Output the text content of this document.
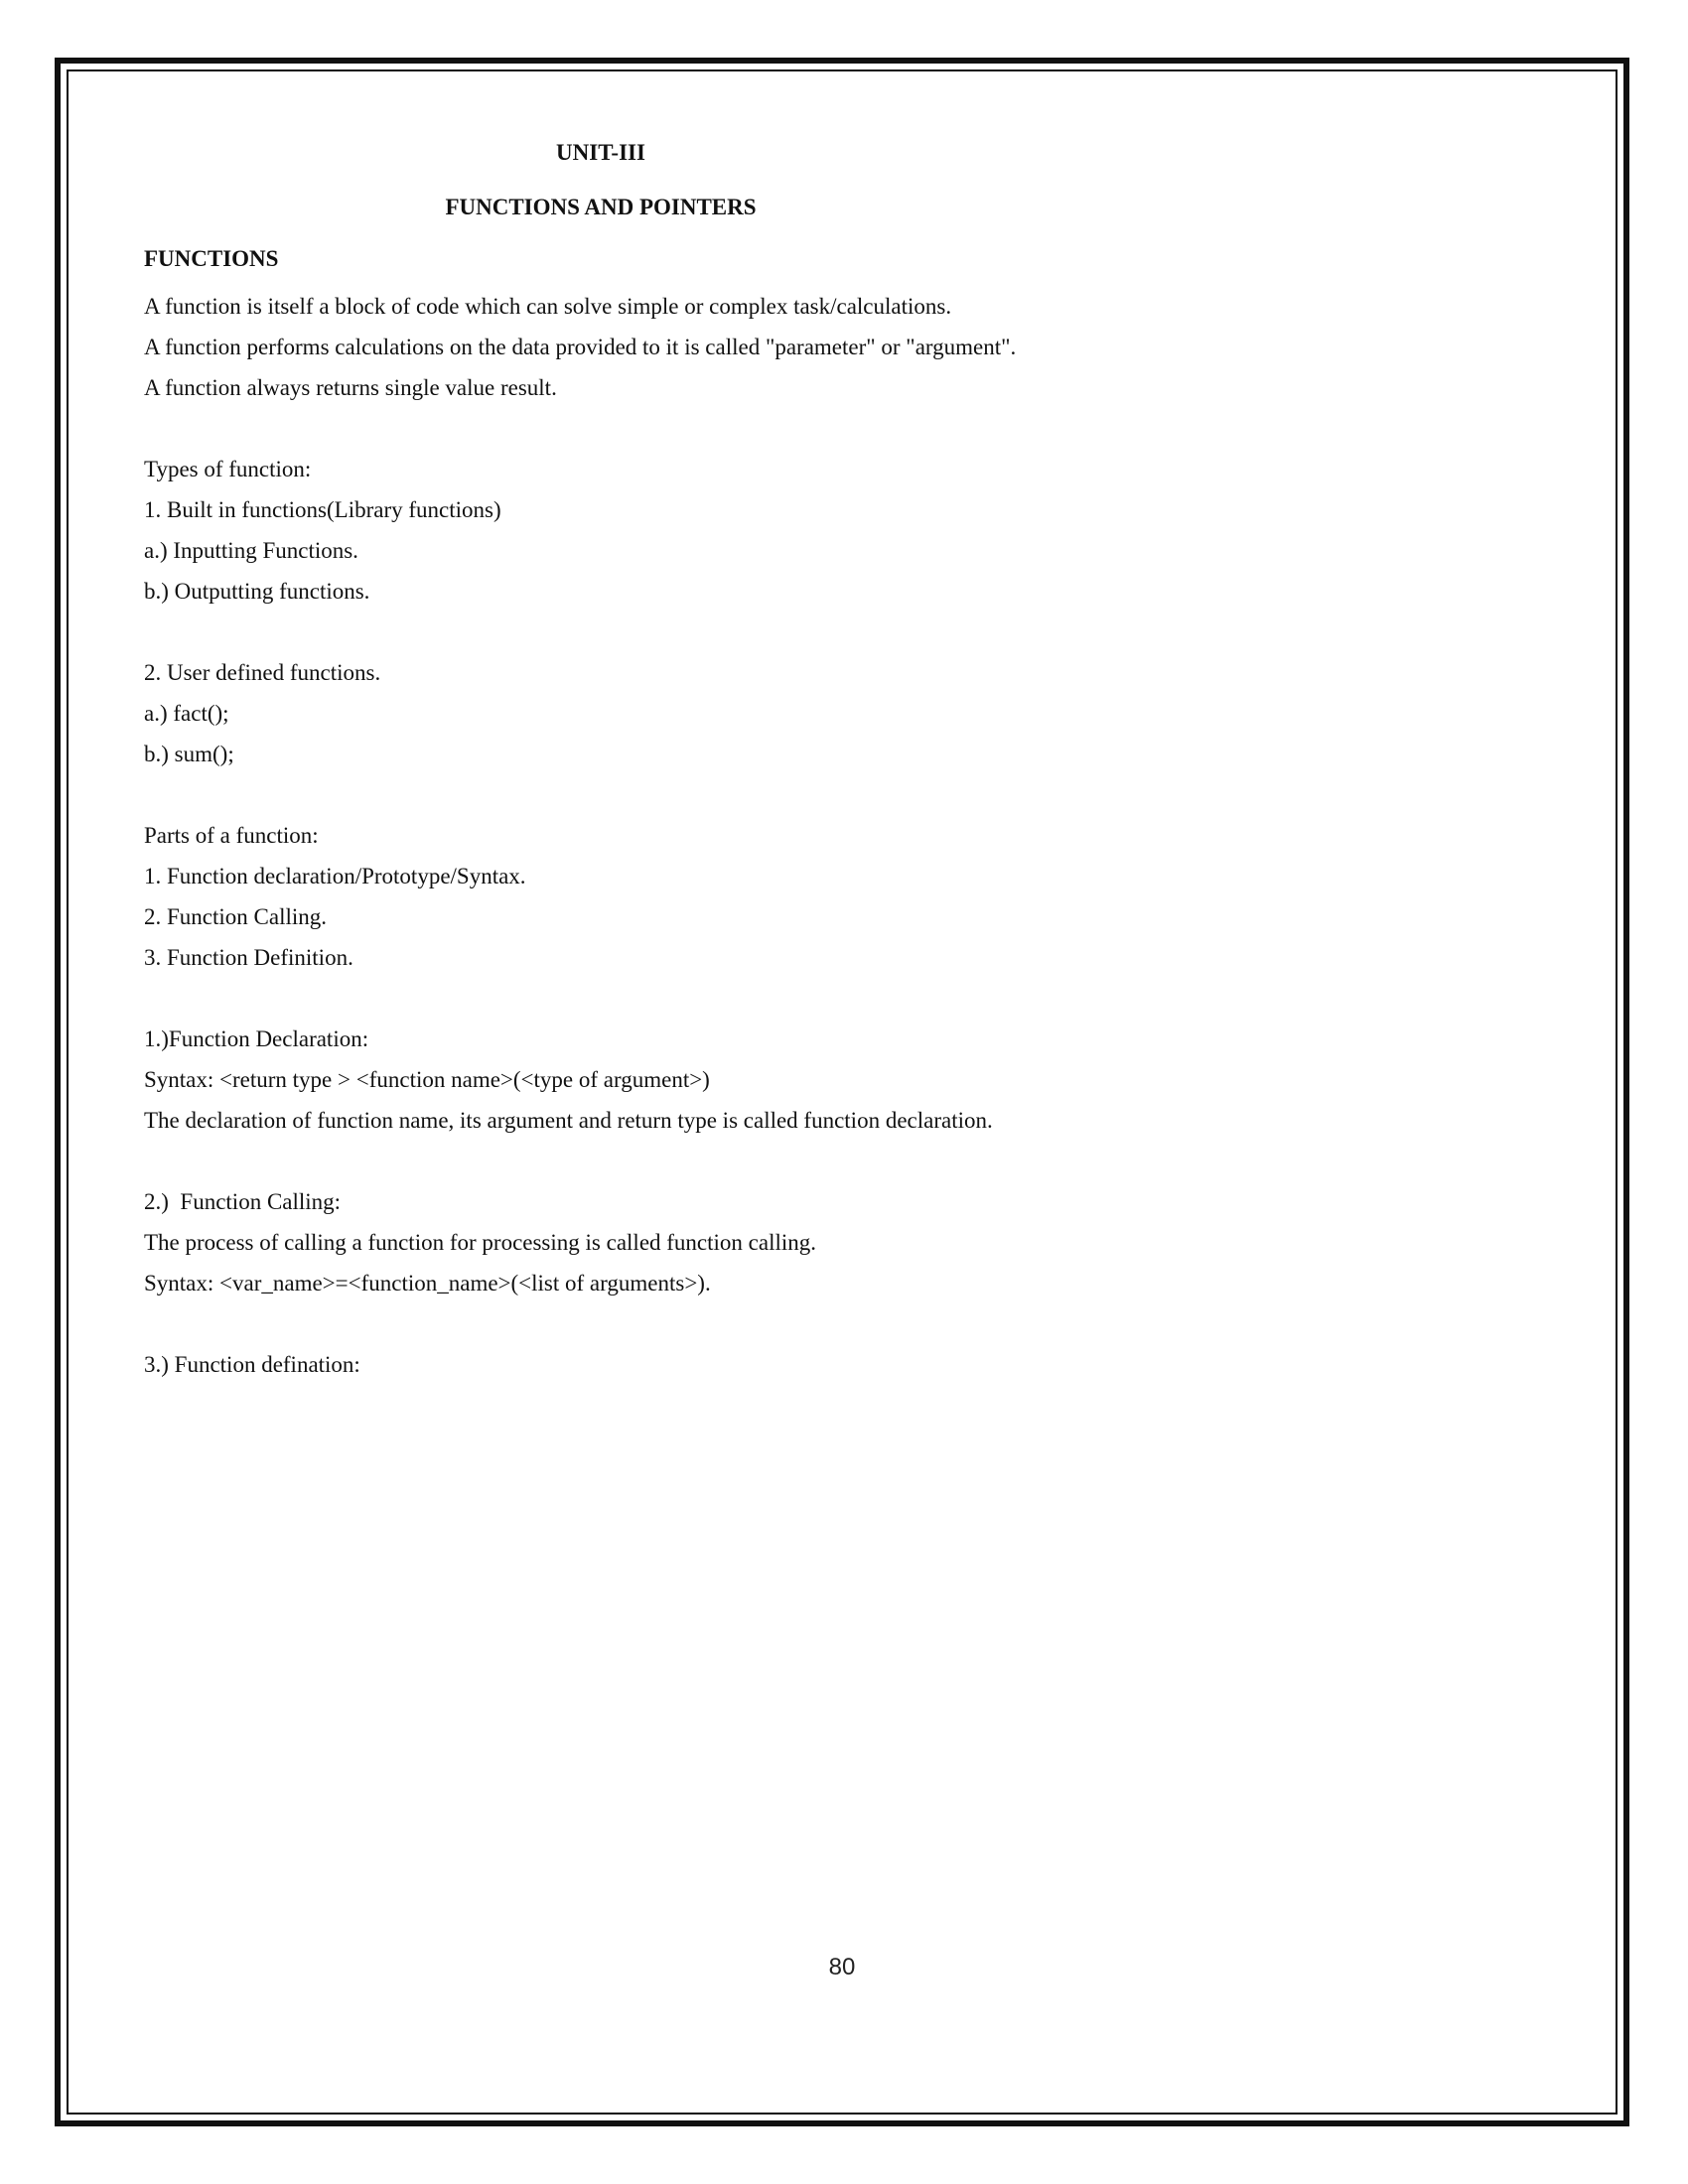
UNIT-III

FUNCTIONS AND POINTERS

FUNCTIONS

A function is itself a block of code which can solve simple or complex task/calculations.

A function performs calculations on the data provided to it is called "parameter" or "argument".

A function always returns single value result.

Types of function:

1. Built in functions(Library functions)

a.) Inputting Functions.

b.) Outputting functions.

2. User defined functions.

a.) fact();

b.) sum();

Parts of a function:

1. Function declaration/Prototype/Syntax.

2. Function Calling.

3. Function Definition.

1.)Function Declaration:

Syntax: <return type > <function name>(<type of argument>)

The declaration of function name, its argument and return type is called function declaration.

2.)  Function Calling:

The process of calling a function for processing is called function calling.

Syntax: <var_name>=<function_name>(<list of arguments>).

3.) Function defination:

80
